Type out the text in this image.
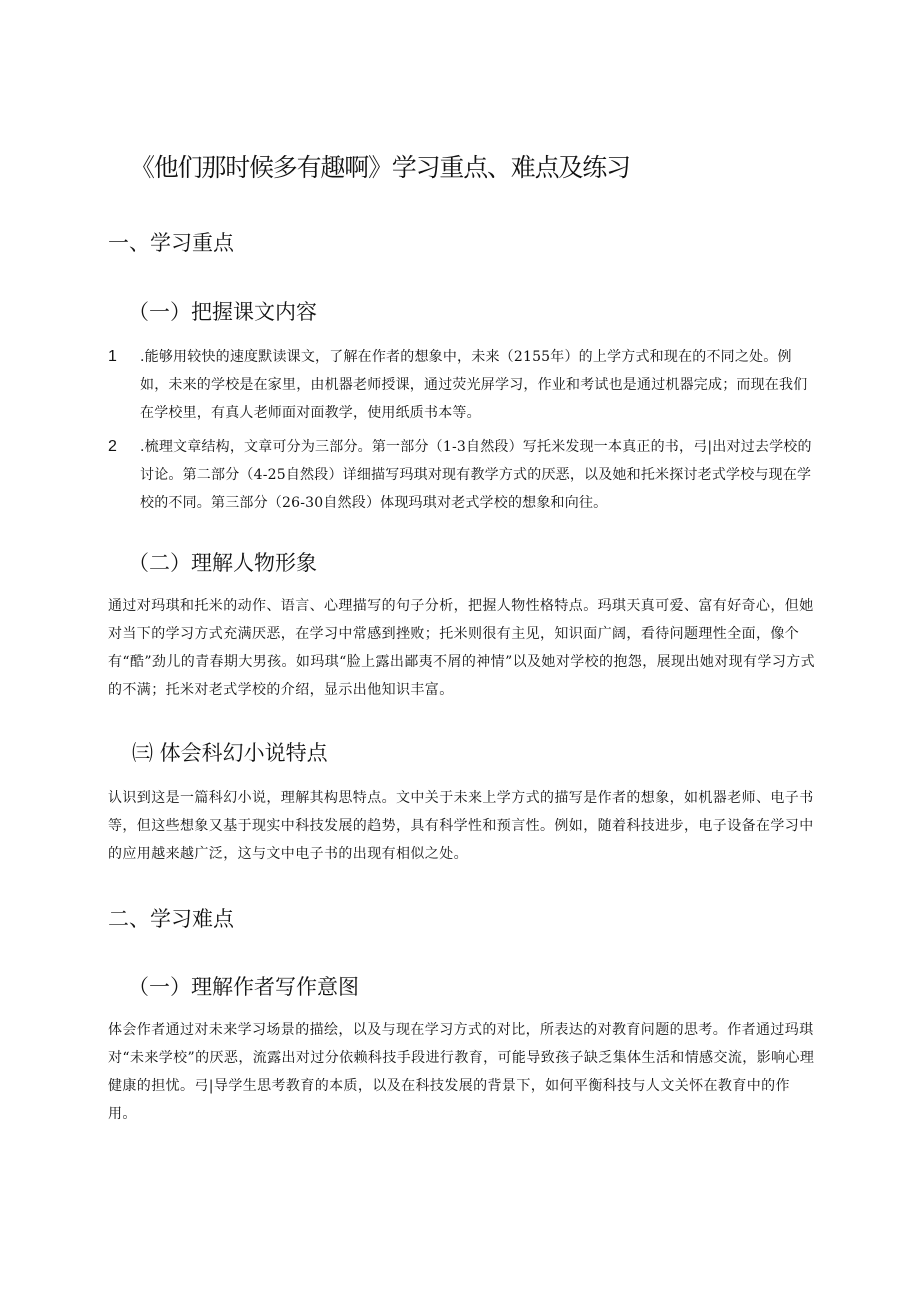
《他们那时候多有趣啊》学习重点、难点及练习
一、学习重点
（一）把握课文内容
1 .能够用较快的速度默读课文，了解在作者的想象中，未来（2155年）的上学方式和现在的不同之处。例如，未来的学校是在家里，由机器老师授课，通过荧光屏学习，作业和考试也是通过机器完成；而现在我们在学校里，有真人老师面对面教学，使用纸质书本等。
2 .梳理文章结构，文章可分为三部分。第一部分（1-3自然段）写托米发现一本真正的书，弓|出对过去学校的讨论。第二部分（4-25自然段）详细描写玛琪对现有教学方式的厌恶，以及她和托米探讨老式学校与现在学校的不同。第三部分（26-30自然段）体现玛琪对老式学校的想象和向往。
（二）理解人物形象
通过对玛琪和托米的动作、语言、心理描写的句子分析，把握人物性格特点。玛琪天真可爱、富有好奇心，但她对当下的学习方式充满厌恶，在学习中常感到挫败；托米则很有主见，知识面广阔，看待问题理性全面，像个有“酷”劲儿的青春期大男孩。如玛琪“脸上露出鄙夷不屑的神情”以及她对学校的抱怨，展现出她对现有学习方式的不满；托米对老式学校的介绍，显示出他知识丰富。
㈢ 体会科幻小说特点
认识到这是一篇科幻小说，理解其构思特点。文中关于未来上学方式的描写是作者的想象，如机器老师、电子书等，但这些想象又基于现实中科技发展的趋势，具有科学性和预言性。例如，随着科技进步，电子设备在学习中的应用越来越广泛，这与文中电子书的出现有相似之处。
二、学习难点
（一）理解作者写作意图
体会作者通过对未来学习场景的描绘，以及与现在学习方式的对比，所表达的对教育问题的思考。作者通过玛琪对“未来学校”的厌恶，流露出对过分依赖科技手段进行教育，可能导致孩子缺乏集体生活和情感交流，影响心理健康的担忧。弓|导学生思考教育的本质，以及在科技发展的背景下，如何平衡科技与人文关怀在教育中的作用。
